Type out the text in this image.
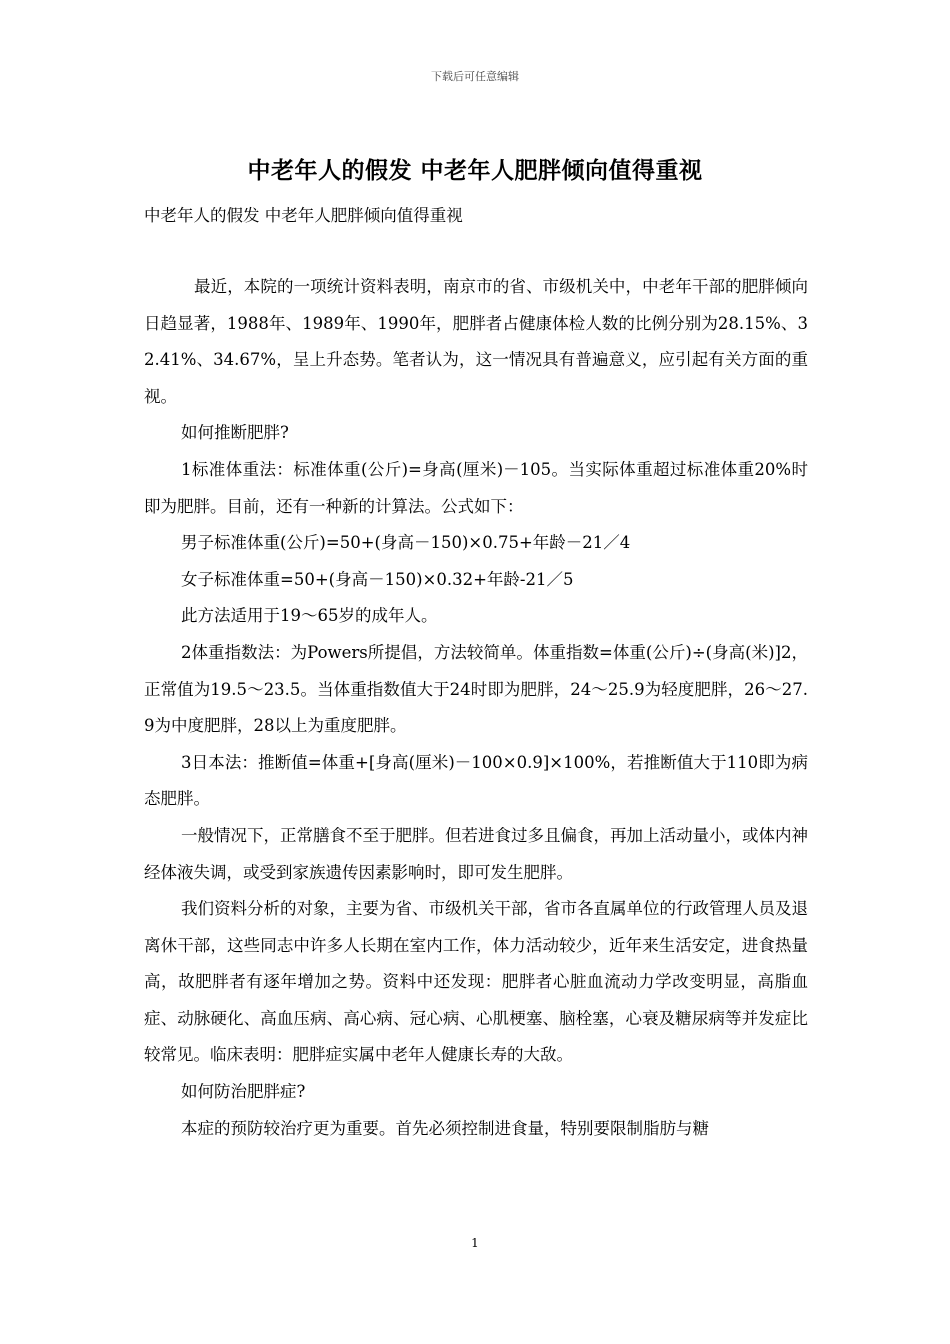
下载后可任意编辑
中老年人的假发 中老年人肥胖倾向值得重视
中老年人的假发 中老年人肥胖倾向值得重视

最近，本院的一项统计资料表明，南京市的省、市级机关中，中老年干部的肥胖倾向日趋显著，1988年、1989年、1990年，肥胖者占健康体检人数的比例分别为28.15%、32.41%、34.67%，呈上升态势。笔者认为，这一情况具有普遍意义，应引起有关方面的重视。

如何推断肥胖?

1标准体重法：标准体重(公斤)=身高(厘米)－105。当实际体重超过标准体重20%时即为肥胖。目前，还有一种新的计算法。公式如下：

男子标准体重(公斤)=50+(身高－150)×0.75+年龄－21／4

女子标准体重=50+(身高－150)×0.32+年龄-21／5

此方法适用于19～65岁的成年人。

2体重指数法：为Powers所提倡，方法较简单。体重指数=体重(公斤)÷(身高(米)]2，正常值为19.5～23.5。当体重指数值大于24时即为肥胖，24～25.9为轻度肥胖，26～27.9为中度肥胖，28以上为重度肥胖。

3日本法：推断值=体重+[身高(厘米)－100×0.9]×100%，若推断值大于110即为病态肥胖。

一般情况下，正常膳食不至于肥胖。但若进食过多且偏食，再加上活动量小，或体内神经体液失调，或受到家族遗传因素影响时，即可发生肥胖。

我们资料分析的对象，主要为省、市级机关干部，省市各直属单位的行政管理人员及退离休干部，这些同志中许多人长期在室内工作，体力活动较少，近年来生活安定，进食热量高，故肥胖者有逐年增加之势。资料中还发现：肥胖者心脏血流动力学改变明显，高脂血症、动脉硬化、高血压病、高心病、冠心病、心肌梗塞、脑栓塞，心衰及糖尿病等并发症比较常见。临床表明：肥胖症实属中老年人健康长寿的大敌。

如何防治肥胖症?

本症的预防较治疗更为重要。首先必须控制进食量，特别要限制脂肪与糖

1
